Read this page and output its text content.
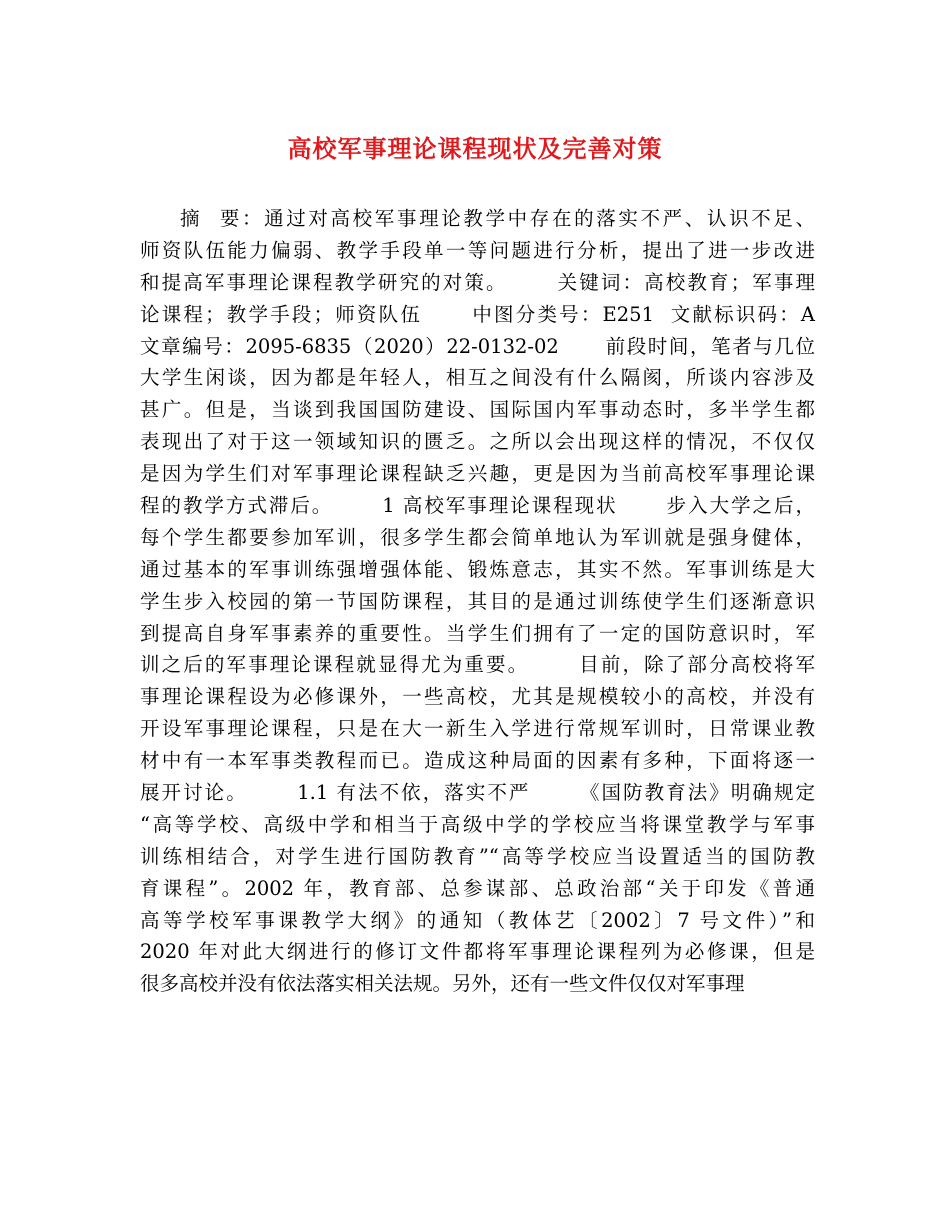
高校军事理论课程现状及完善对策
摘  要：通过对高校军事理论教学中存在的落实不严、认识不足、
师资队伍能力偏弱、教学手段单一等问题进行分析，提出了进一步改进
和提高军事理论课程教学研究的对策。      关键词：高校教育；军事理
论课程；教学手段；师资队伍      中图分类号：E251  文献标识码：A
文章编号：2095-6835（2020）22-0132-02      前段时间，笔者与几位
大学生闲谈，因为都是年轻人，相互之间没有什么隔阂，所谈内容涉及
甚广。但是，当谈到我国国防建设、国际国内军事动态时，多半学生都
表现出了对于这一领域知识的匮乏。之所以会出现这样的情况，不仅仅
是因为学生们对军事理论课程缺乏兴趣，更是因为当前高校军事理论课
程的教学方式滞后。      1 高校军事理论课程现状      步入大学之后，
每个学生都要参加军训，很多学生都会简单地认为军训就是强身健体，
通过基本的军事训练强增强体能、锻炼意志，其实不然。军事训练是大
学生步入校园的第一节国防课程，其目的是通过训练使学生们逐渐意识
到提高自身军事素养的重要性。当学生们拥有了一定的国防意识时，军
训之后的军事理论课程就显得尤为重要。      目前，除了部分高校将军
事理论课程设为必修课外，一些高校，尤其是规模较小的高校，并没有
开设军事理论课程，只是在大一新生入学进行常规军训时，日常课业教
材中有一本军事类教程而已。造成这种局面的因素有多种，下面将逐一
展开讨论。      1.1 有法不依，落实不严      《国防教育法》明确规定
“高等学校、高级中学和相当于高级中学的学校应当将课堂教学与军事
训练相结合，对学生进行国防教育”“高等学校应当设置适当的国防教
育课程”。2002 年，教育部、总参谋部、总政治部“关于印发《普通
高等学校军事课教学大纲》的通知（教体艺〔2002〕7 号文件）”和
2020 年对此大纲进行的修订文件都将军事理论课程列为必修课，但是
很多高校并没有依法落实相关法规。另外，还有一些文件仅仅对军事理
